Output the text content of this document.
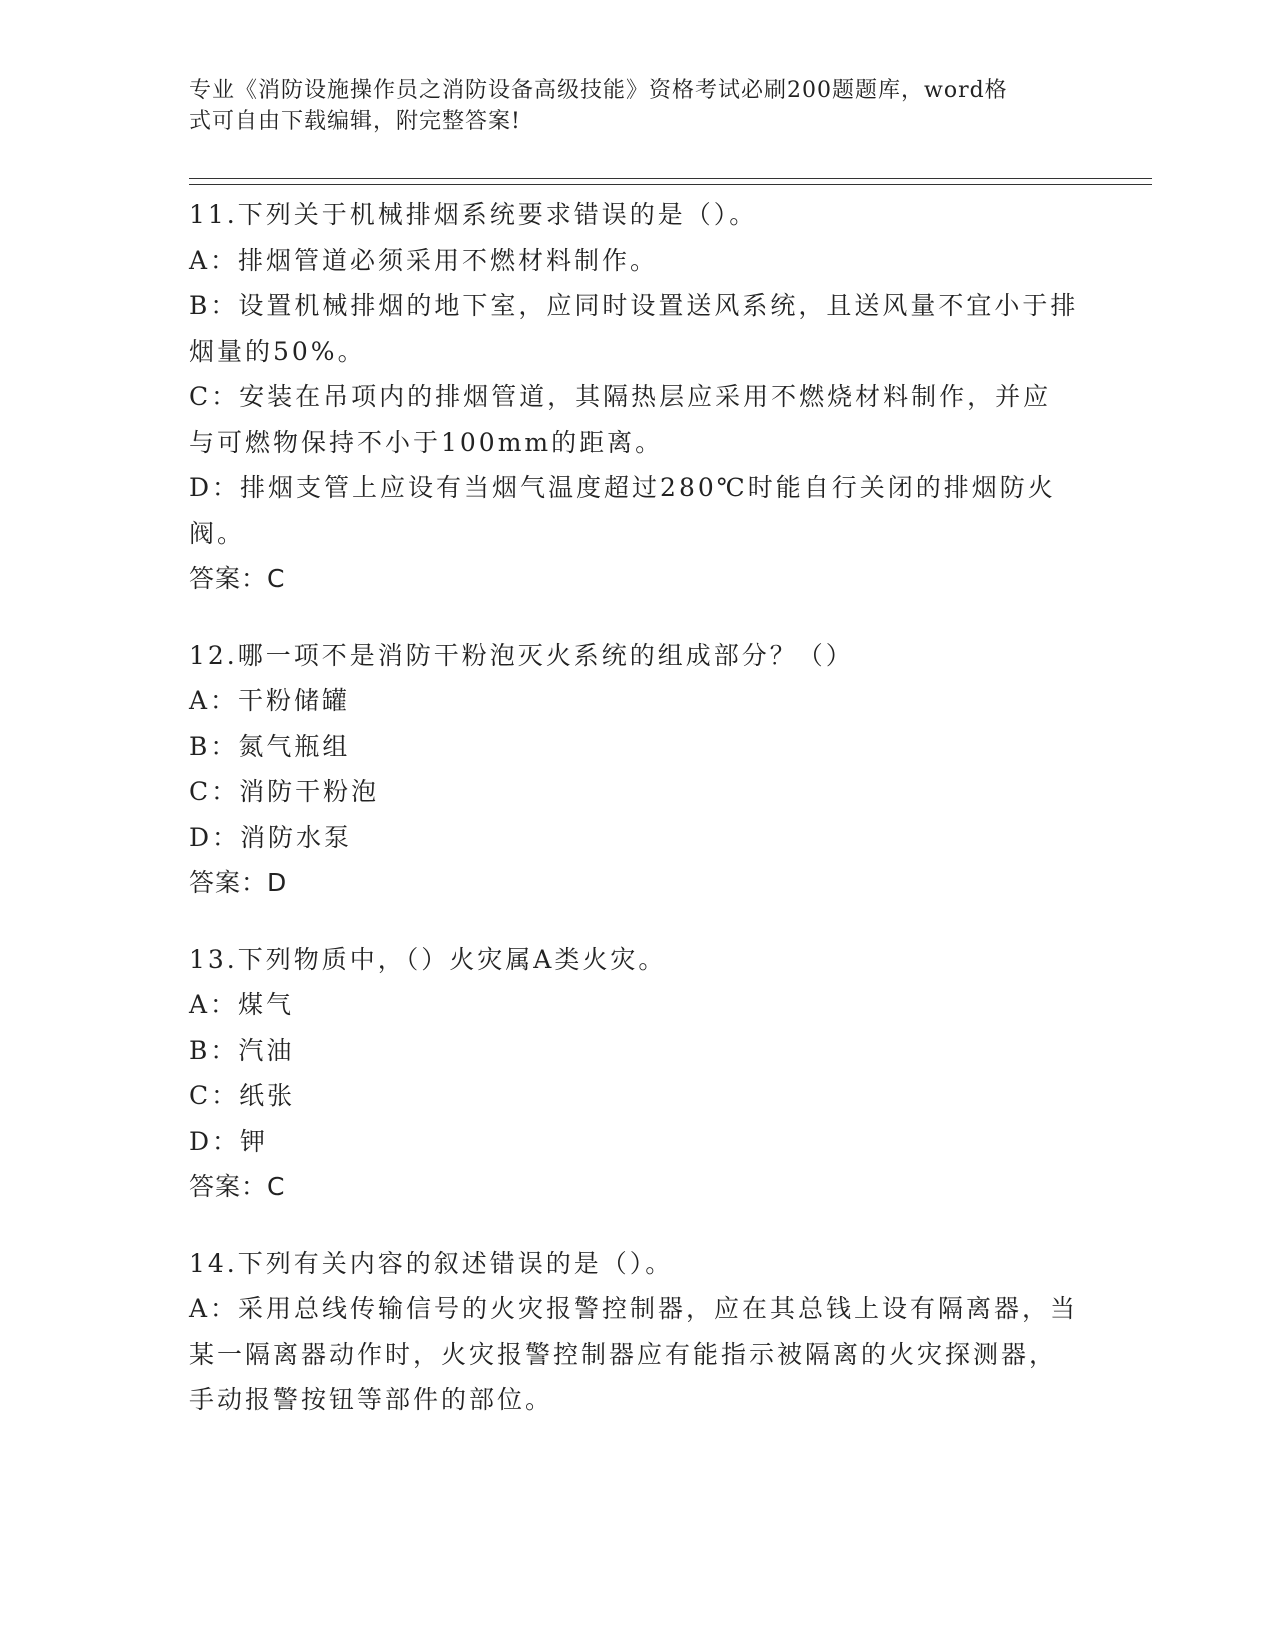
专业《消防设施操作员之消防设备高级技能》资格考试必刷200题题库，word格
式可自由下载编辑，附完整答案!
11.下列关于机械排烟系统要求错误的是（）。
A：排烟管道必须采用不燃材料制作。
B：设置机械排烟的地下室，应同时设置送风系统，且送风量不宜小于排烟量的50%。
C：安装在吊项内的排烟管道，其隔热层应采用不燃烧材料制作，并应与可燃物保持不小于100mm的距离。
D：排烟支管上应设有当烟气温度超过280℃时能自行关闭的排烟防火阀。
答案：C
12.哪一项不是消防干粉泡灭火系统的组成部分？（）
A：干粉储罐
B：氮气瓶组
C：消防干粉泡
D：消防水泵
答案：D
13.下列物质中，（）火灾属A类火灾。
A：煤气
B：汽油
C：纸张
D：钾
答案：C
14.下列有关内容的叙述错误的是（）。
A：采用总线传输信号的火灾报警控制器，应在其总钱上设有隔离器，当某一隔离器动作时，火灾报警控制器应有能指示被隔离的火灾探测器，手动报警按钮等部件的部位。
